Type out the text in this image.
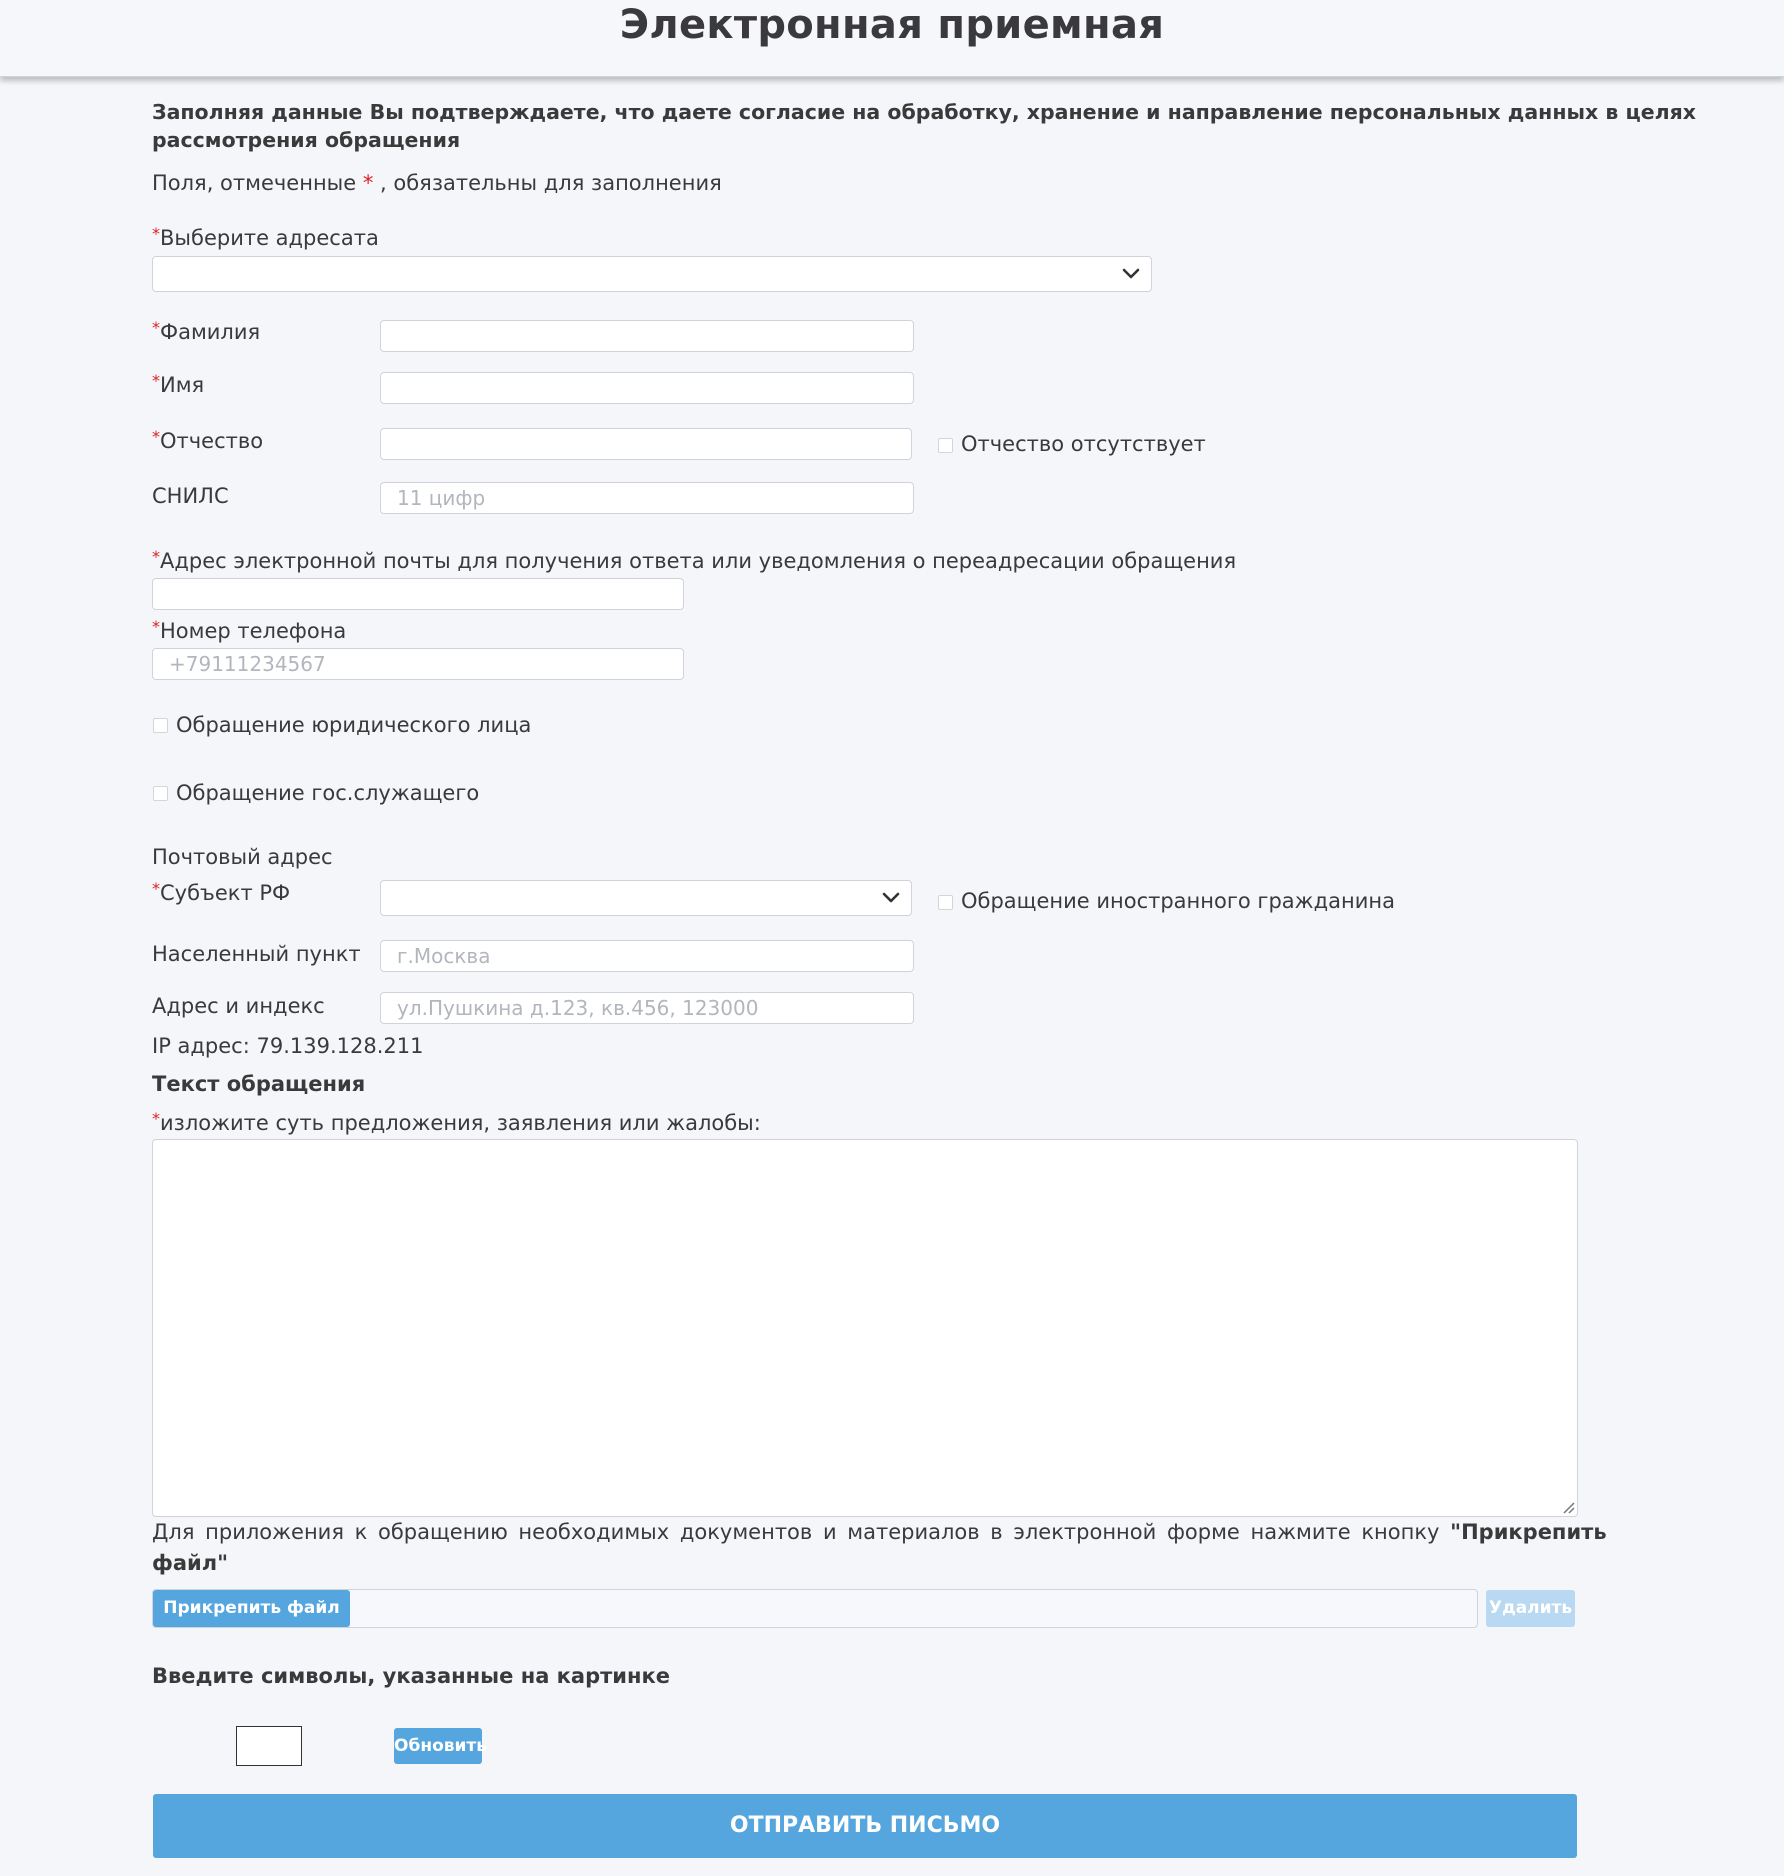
Электронная приемная
Заполняя данные Вы подтверждаете, что даете согласие на обработку, хранение и направление персональных данных в целях
рассмотрения обращения
Поля, отмеченные * , обязательны для заполнения
*Выберите адресата
*Фамилия
*Имя
*Отчество	Отчество отсутствует
СНИЛС
11 цифр
*Адрес электронной почты для получения ответа или уведомления о переадресации обращения
*Номер телефона
+79111234567
Обращение юридического лица
Обращение гос.служащего
Почтовый адрес
*Субъект РФ	Обращение иностранного гражданина
Населенный пункт
г.Москва
Адрес и индекс
ул.Пушкина д.123, кв.456, 123000
IP адрес: 79.139.128.211
Текст обращения
*изложите суть предложения, заявления или жалобы:
Для приложения к обращению необходимых документов и материалов в электронной форме нажмите кнопку "Прикрепить
файл"
Прикрепить файл	Удалить
Введите символы, указанные на картинке
Обновить
ОТПРАВИТЬ ПИСЬМО
